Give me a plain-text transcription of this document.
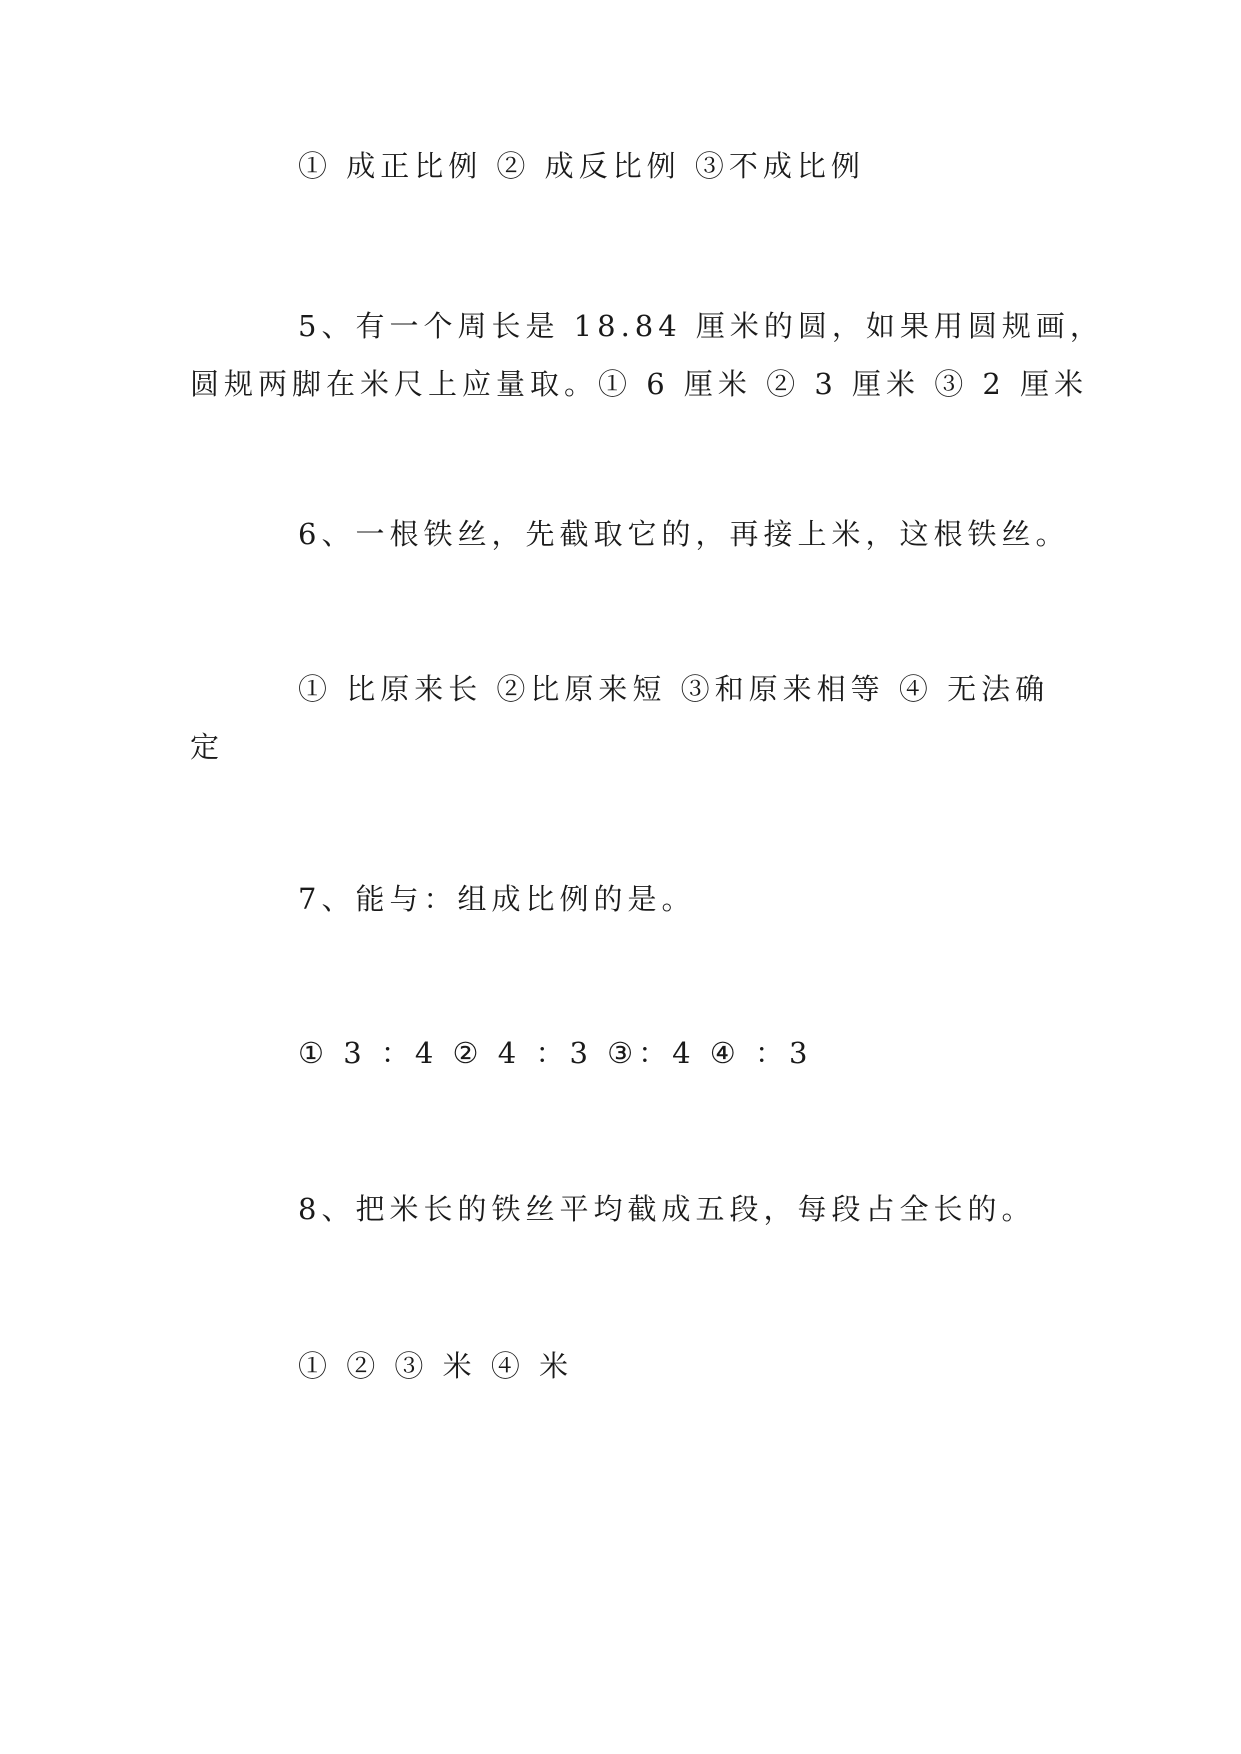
① 成正比例 ② 成反比例 ③不成比例
5、有一个周长是 18.84 厘米的圆，如果用圆规画，
圆规两脚在米尺上应量取。① 6 厘米 ② 3 厘米 ③ 2 厘米
6、一根铁丝，先截取它的，再接上米，这根铁丝。
① 比原来长 ②比原来短 ③和原来相等 ④ 无法确
定
7、能与：组成比例的是。
① 3 ：4 ② 4 ：3 ③：4 ④ ：3
8、把米长的铁丝平均截成五段，每段占全长的。
① ② ③ 米 ④ 米
